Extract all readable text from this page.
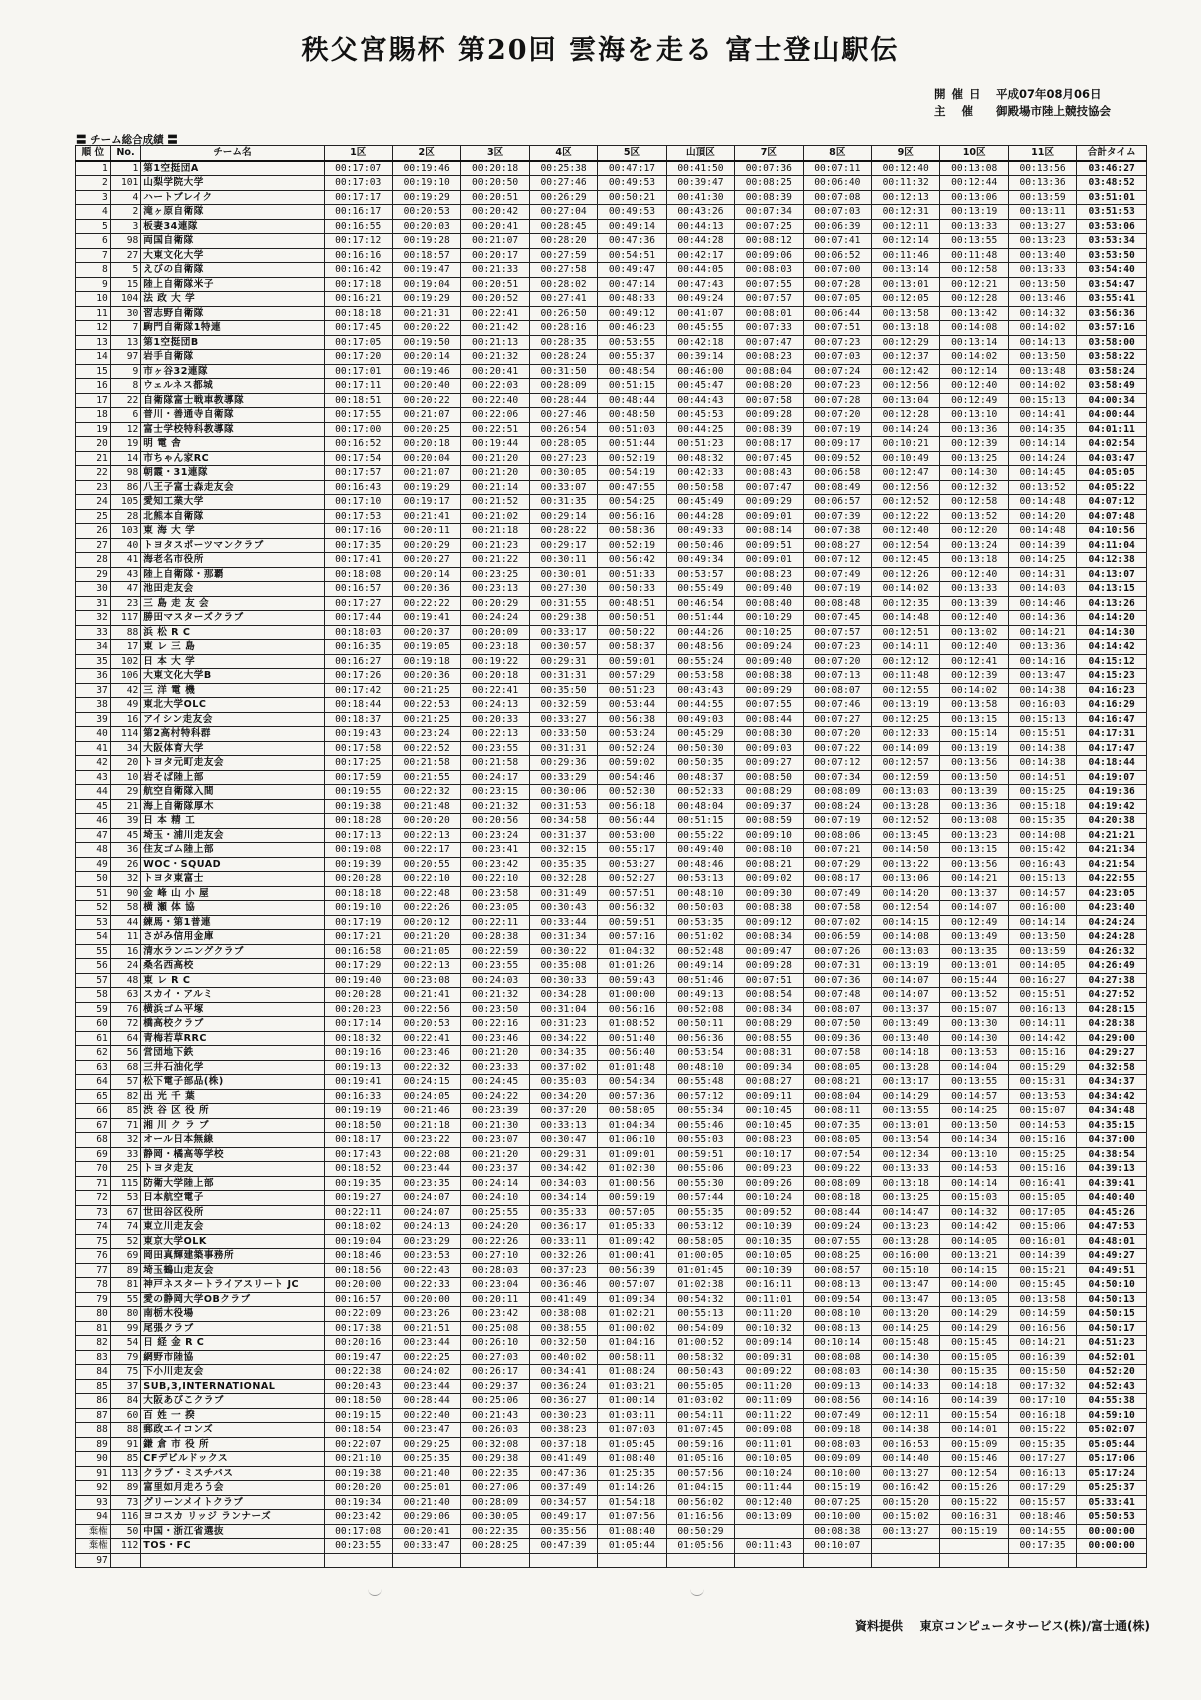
秩父宮賜杯 第20回 雲海を走る 富士登山駅伝
開催日 平成07年08月06日
主 催 御殿場市陸上競技協会
〓 チーム総合成績 〓
順 位	No.	チーム名	1区	2区	3区	4区	5区	山頂区	7区	8区	9区	10区	11区	合計タイム
1	1	第1空挺団A	00:17:07	00:19:46	00:20:18	00:25:38	00:47:17	00:41:50	00:07:36	00:07:11	00:12:40	00:13:08	00:13:56	03:46:27
2	101	山梨学院大学	00:17:03	00:19:10	00:20:50	00:27:46	00:49:53	00:39:47	00:08:25	00:06:40	00:11:32	00:12:44	00:13:36	03:48:52
3	4	ハートブレイク	00:17:17	00:19:29	00:20:51	00:26:29	00:50:21	00:41:30	00:08:39	00:07:08	00:12:13	00:13:06	00:13:59	03:51:01
4	2	滝ヶ原自衛隊	00:16:17	00:20:53	00:20:42	00:27:04	00:49:53	00:43:26	00:07:34	00:07:03	00:12:31	00:13:19	00:13:11	03:51:53
5	3	板妻34連隊	00:16:55	00:20:03	00:20:41	00:28:45	00:49:14	00:44:13	00:07:25	00:06:39	00:12:11	00:13:33	00:13:27	03:53:06
6	98	両国自衛隊	00:17:12	00:19:28	00:21:07	00:28:20	00:47:36	00:44:28	00:08:12	00:07:41	00:12:14	00:13:55	00:13:23	03:53:34
7	27	大東文化大学	00:16:16	00:18:57	00:20:17	00:27:59	00:54:51	00:42:17	00:09:06	00:06:52	00:11:46	00:11:48	00:13:40	03:53:50
8	5	えびの自衛隊	00:16:42	00:19:47	00:21:33	00:27:58	00:49:47	00:44:05	00:08:03	00:07:00	00:13:14	00:12:58	00:13:33	03:54:40
9	15	陸上自衛隊米子	00:17:18	00:19:04	00:20:51	00:28:02	00:47:14	00:47:43	00:07:55	00:07:28	00:13:01	00:12:21	00:13:50	03:54:47
10	104	法 政 大 学	00:16:21	00:19:29	00:20:52	00:27:41	00:48:33	00:49:24	00:07:57	00:07:05	00:12:05	00:12:28	00:13:46	03:55:41
11	30	習志野自衛隊	00:18:18	00:21:31	00:22:41	00:26:50	00:49:12	00:41:07	00:08:01	00:06:44	00:13:58	00:13:42	00:14:32	03:56:36
12	7	駒門自衛隊1特連	00:17:45	00:20:22	00:21:42	00:28:16	00:46:23	00:45:55	00:07:33	00:07:51	00:13:18	00:14:08	00:14:02	03:57:16
13	13	第1空挺団B	00:17:05	00:19:50	00:21:13	00:28:35	00:53:55	00:42:18	00:07:47	00:07:23	00:12:29	00:13:14	00:14:13	03:58:00
14	97	岩手自衛隊	00:17:20	00:20:14	00:21:32	00:28:24	00:55:37	00:39:14	00:08:23	00:07:03	00:12:37	00:14:02	00:13:50	03:58:22
15	9	市ヶ谷32連隊	00:17:01	00:19:46	00:20:41	00:31:50	00:48:54	00:46:00	00:08:04	00:07:24	00:12:42	00:12:14	00:13:48	03:58:24
16	8	ウェルネス都城	00:17:11	00:20:40	00:22:03	00:28:09	00:51:15	00:45:47	00:08:20	00:07:23	00:12:56	00:12:40	00:14:02	03:58:49
17	22	自衛隊富士戦車教導隊	00:18:51	00:20:22	00:22:40	00:28:44	00:48:44	00:44:43	00:07:58	00:07:28	00:13:04	00:12:49	00:15:13	04:00:34
18	6	普川・善通寺自衛隊	00:17:55	00:21:07	00:22:06	00:27:46	00:48:50	00:45:53	00:09:28	00:07:20	00:12:28	00:13:10	00:14:41	04:00:44
19	12	富士学校特科教導隊	00:17:00	00:20:25	00:22:51	00:26:54	00:51:03	00:44:25	00:08:39	00:07:19	00:14:24	00:13:36	00:14:35	04:01:11
20	19	明 電 舎	00:16:52	00:20:18	00:19:44	00:28:05	00:51:44	00:51:23	00:08:17	00:09:17	00:10:21	00:12:39	00:14:14	04:02:54
21	14	市ちゃん家RC	00:17:54	00:20:04	00:21:20	00:27:23	00:52:19	00:48:32	00:07:45	00:09:52	00:10:49	00:13:25	00:14:24	04:03:47
22	98	朝霞・31連隊	00:17:57	00:21:07	00:21:20	00:30:05	00:54:19	00:42:33	00:08:43	00:06:58	00:12:47	00:14:30	00:14:45	04:05:05
23	86	八王子富士森走友会	00:16:43	00:19:29	00:21:14	00:33:07	00:47:55	00:50:58	00:07:47	00:08:49	00:12:56	00:12:32	00:13:52	04:05:22
24	105	愛知工業大学	00:17:10	00:19:17	00:21:52	00:31:35	00:54:25	00:45:49	00:09:29	00:06:57	00:12:52	00:12:58	00:14:48	04:07:12
25	28	北熊本自衛隊	00:17:53	00:21:41	00:21:02	00:29:14	00:56:16	00:44:28	00:09:01	00:07:39	00:12:22	00:13:52	00:14:20	04:07:48
26	103	東 海 大 学	00:17:16	00:20:11	00:21:18	00:28:22	00:58:36	00:49:33	00:08:14	00:07:38	00:12:40	00:12:20	00:14:48	04:10:56
27	40	トヨタスポーツマンクラブ	00:17:35	00:20:29	00:21:23	00:29:17	00:52:19	00:50:46	00:09:51	00:08:27	00:12:54	00:13:24	00:14:39	04:11:04
28	41	海老名市役所	00:17:41	00:20:27	00:21:22	00:30:11	00:56:42	00:49:34	00:09:01	00:07:12	00:12:45	00:13:18	00:14:25	04:12:38
29	43	陸上自衛隊・那覇	00:18:08	00:20:14	00:23:25	00:30:01	00:51:33	00:53:57	00:08:23	00:07:49	00:12:26	00:12:40	00:14:31	04:13:07
30	47	池田走友会	00:16:57	00:20:36	00:23:13	00:27:30	00:50:33	00:55:49	00:09:40	00:07:19	00:14:02	00:13:33	00:14:03	04:13:15
31	23	三 島 走 友 会	00:17:27	00:22:22	00:20:29	00:31:55	00:48:51	00:46:54	00:08:40	00:08:48	00:12:35	00:13:39	00:14:46	04:13:26
32	117	勝田マスターズクラブ	00:17:44	00:19:41	00:24:24	00:29:38	00:50:51	00:51:44	00:10:29	00:07:45	00:14:48	00:12:40	00:14:36	04:14:20
33	88	浜 松 R C	00:18:03	00:20:37	00:20:09	00:33:17	00:50:22	00:44:26	00:10:25	00:07:57	00:12:51	00:13:02	00:14:21	04:14:30
34	17	東 レ 三 島	00:16:35	00:19:05	00:23:18	00:30:57	00:58:37	00:48:56	00:09:24	00:07:23	00:14:11	00:12:40	00:13:36	04:14:42
35	102	日 本 大 学	00:16:27	00:19:18	00:19:22	00:29:31	00:59:01	00:55:24	00:09:40	00:07:20	00:12:12	00:12:41	00:14:16	04:15:12
36	106	大東文化大学B	00:17:26	00:20:36	00:20:18	00:31:31	00:57:29	00:53:58	00:08:38	00:07:13	00:11:48	00:12:39	00:13:47	04:15:23
37	42	三 洋 電 機	00:17:42	00:21:25	00:22:41	00:35:50	00:51:23	00:43:43	00:09:29	00:08:07	00:12:55	00:14:02	00:14:38	04:16:23
38	49	東北大学OLC	00:18:44	00:22:53	00:24:13	00:32:59	00:53:44	00:44:55	00:07:55	00:07:46	00:13:19	00:13:58	00:16:03	04:16:29
39	16	アイシン走友会	00:18:37	00:21:25	00:20:33	00:33:27	00:56:38	00:49:03	00:08:44	00:07:27	00:12:25	00:13:15	00:15:13	04:16:47
40	114	第2高村特科群	00:19:43	00:23:24	00:22:13	00:33:50	00:53:24	00:45:29	00:08:30	00:07:20	00:12:33	00:15:14	00:15:51	04:17:31
41	34	大阪体育大学	00:17:58	00:22:52	00:23:55	00:31:31	00:52:24	00:50:30	00:09:03	00:07:22	00:14:09	00:13:19	00:14:38	04:17:47
42	20	トヨタ元町走友会	00:17:25	00:21:58	00:21:58	00:29:36	00:59:02	00:50:35	00:09:27	00:07:12	00:12:57	00:13:56	00:14:38	04:18:44
43	10	岩そば陸上部	00:17:59	00:21:55	00:24:17	00:33:29	00:54:46	00:48:37	00:08:50	00:07:34	00:12:59	00:13:50	00:14:51	04:19:07
44	29	航空自衛隊入間	00:19:55	00:22:32	00:23:15	00:30:06	00:52:30	00:52:33	00:08:29	00:08:09	00:13:03	00:13:39	00:15:25	04:19:36
45	21	海上自衛隊厚木	00:19:38	00:21:48	00:21:32	00:31:53	00:56:18	00:48:04	00:09:37	00:08:24	00:13:28	00:13:36	00:15:18	04:19:42
46	39	日 本 精 工	00:18:28	00:20:20	00:20:56	00:34:58	00:56:44	00:51:15	00:08:59	00:07:19	00:12:52	00:13:08	00:15:35	04:20:38
47	45	埼玉・浦川走友会	00:17:13	00:22:13	00:23:24	00:31:37	00:53:00	00:55:22	00:09:10	00:08:06	00:13:45	00:13:23	00:14:08	04:21:21
48	36	住友ゴム陸上部	00:19:08	00:22:17	00:23:41	00:32:15	00:55:17	00:49:40	00:08:10	00:07:21	00:14:50	00:13:15	00:15:42	04:21:34
49	26	WOC・SQUAD	00:19:39	00:20:55	00:23:42	00:35:35	00:53:27	00:48:46	00:08:21	00:07:29	00:13:22	00:13:56	00:16:43	04:21:54
50	32	トヨタ東富士	00:20:28	00:22:10	00:22:10	00:32:28	00:52:27	00:53:13	00:09:02	00:08:17	00:13:06	00:14:21	00:15:13	04:22:55
51	90	金 峰 山 小 屋	00:18:18	00:22:48	00:23:58	00:31:49	00:57:51	00:48:10	00:09:30	00:07:49	00:14:20	00:13:37	00:14:57	04:23:05
52	58	横 瀬 体 協	00:19:10	00:22:26	00:23:05	00:30:43	00:56:32	00:50:03	00:08:38	00:07:58	00:12:54	00:14:07	00:16:00	04:23:40
53	44	練馬・第1普連	00:17:19	00:20:12	00:22:11	00:33:44	00:59:51	00:53:35	00:09:12	00:07:02	00:14:15	00:12:49	00:14:14	04:24:24
54	11	さがみ信用金庫	00:17:21	00:21:20	00:28:38	00:31:34	00:57:16	00:51:02	00:08:34	00:06:59	00:14:08	00:13:49	00:13:50	04:24:28
55	16	清水ランニングクラブ	00:16:58	00:21:05	00:22:59	00:30:22	01:04:32	00:52:48	00:09:47	00:07:26	00:13:03	00:13:35	00:13:59	04:26:32
56	24	桑名西高校	00:17:29	00:22:13	00:23:55	00:35:08	01:01:26	00:49:14	00:09:28	00:07:31	00:13:19	00:13:01	00:14:05	04:26:49
57	48	東 レ R C	00:19:40	00:23:08	00:24:03	00:30:33	00:59:43	00:51:46	00:07:51	00:07:36	00:14:07	00:15:44	00:16:27	04:27:38
58	63	スカイ・アルミ	00:20:28	00:21:41	00:21:32	00:34:28	01:00:00	00:49:13	00:08:54	00:07:48	00:14:07	00:13:52	00:15:51	04:27:52
59	76	横浜ゴム平塚	00:20:23	00:22:56	00:23:50	00:31:04	00:56:16	00:52:08	00:08:34	00:08:07	00:13:37	00:15:07	00:16:13	04:28:15
60	72	橋高校クラブ	00:17:14	00:20:53	00:22:16	00:31:23	01:08:52	00:50:11	00:08:29	00:07:50	00:13:49	00:13:30	00:14:11	04:28:38
61	64	青梅若草RRC	00:18:32	00:22:41	00:23:46	00:34:22	00:51:40	00:56:36	00:08:55	00:09:36	00:13:40	00:14:30	00:14:42	04:29:00
62	56	営団地下鉄	00:19:16	00:23:46	00:21:20	00:34:35	00:56:40	00:53:54	00:08:31	00:07:58	00:14:18	00:13:53	00:15:16	04:29:27
63	68	三井石油化学	00:19:13	00:22:32	00:23:33	00:37:02	01:01:48	00:48:10	00:09:34	00:08:05	00:13:28	00:14:04	00:15:29	04:32:58
64	57	松下電子部品(株)	00:19:41	00:24:15	00:24:45	00:35:03	00:54:34	00:55:48	00:08:27	00:08:21	00:13:17	00:13:55	00:15:31	04:34:37
65	82	出 光 千 葉	00:16:33	00:24:05	00:24:22	00:34:20	00:57:36	00:57:12	00:09:11	00:08:04	00:14:29	00:14:57	00:13:53	04:34:42
66	85	渋 谷 区 役 所	00:19:19	00:21:46	00:23:39	00:37:20	00:58:05	00:55:34	00:10:45	00:08:11	00:13:55	00:14:25	00:15:07	04:34:48
67	71	湘 川 ク ラ ブ	00:18:50	00:21:18	00:21:30	00:33:13	01:04:34	00:55:46	00:10:45	00:07:35	00:13:01	00:13:50	00:14:53	04:35:15
68	32	オール日本無線	00:18:17	00:23:22	00:23:07	00:30:47	01:06:10	00:55:03	00:08:23	00:08:05	00:13:54	00:14:34	00:15:16	04:37:00
69	33	静岡・橘高等学校	00:17:43	00:22:08	00:21:20	00:29:31	01:09:01	00:59:51	00:10:17	00:07:54	00:12:34	00:13:10	00:15:25	04:38:54
70	25	トヨタ走友	00:18:52	00:23:44	00:23:37	00:34:42	01:02:30	00:55:06	00:09:23	00:09:22	00:13:33	00:14:53	00:15:16	04:39:13
71	115	防衛大学陸上部	00:19:35	00:23:35	00:24:14	00:34:03	01:00:56	00:55:30	00:09:26	00:08:09	00:13:18	00:14:14	00:16:41	04:39:41
72	53	日本航空電子	00:19:27	00:24:07	00:24:10	00:34:14	00:59:19	00:57:44	00:10:24	00:08:18	00:13:25	00:15:03	00:15:05	04:40:40
73	67	世田谷区役所	00:22:11	00:24:07	00:25:55	00:35:33	00:57:05	00:55:35	00:09:52	00:08:44	00:14:47	00:14:32	00:17:05	04:45:26
74	74	東立川走友会	00:18:02	00:24:13	00:24:20	00:36:17	01:05:33	00:53:12	00:10:39	00:09:24	00:13:23	00:14:42	00:15:06	04:47:53
75	52	東京大学OLK	00:19:04	00:23:29	00:22:26	00:33:11	01:09:42	00:58:05	00:10:35	00:07:55	00:13:28	00:14:05	00:16:01	04:48:01
76	69	岡田真輝建築事務所	00:18:46	00:23:53	00:27:10	00:32:26	01:00:41	01:00:05	00:10:05	00:08:25	00:16:00	00:13:21	00:14:39	04:49:27
77	89	埼玉鶴山走友会	00:18:56	00:22:43	00:28:03	00:37:23	00:56:39	01:01:45	00:10:39	00:08:57	00:15:10	00:14:15	00:15:21	04:49:51
78	81	神戸ネスタートライアスリート JC	00:20:00	00:22:33	00:23:04	00:36:46	00:57:07	01:02:38	00:16:11	00:08:13	00:13:47	00:14:00	00:15:45	04:50:10
79	55	愛の静岡大学OBクラブ	00:16:57	00:20:00	00:20:11	00:41:49	01:09:34	00:54:32	00:11:01	00:09:54	00:13:47	00:13:05	00:13:58	04:50:13
80	80	南栃木役場	00:22:09	00:23:26	00:23:42	00:38:08	01:02:21	00:55:13	00:11:20	00:08:10	00:13:20	00:14:29	00:14:59	04:50:15
81	99	尾張クラブ	00:17:38	00:21:51	00:25:08	00:38:55	01:00:02	00:54:09	00:10:32	00:08:13	00:14:25	00:14:29	00:16:56	04:50:17
82	54	日 経 金 R C	00:20:16	00:23:44	00:26:10	00:32:50	01:04:16	01:00:52	00:09:14	00:10:14	00:15:48	00:15:45	00:14:21	04:51:23
83	79	網野市陸協	00:19:47	00:22:25	00:27:03	00:40:02	00:58:11	00:58:32	00:09:31	00:08:08	00:14:30	00:15:05	00:16:39	04:52:01
84	75	下小川走友会	00:22:38	00:24:02	00:26:17	00:34:41	01:08:24	00:50:43	00:09:22	00:08:03	00:14:30	00:15:35	00:15:50	04:52:20
85	37	SUB,3,INTERNATIONAL	00:20:43	00:23:44	00:29:37	00:36:24	01:03:21	00:55:05	00:11:20	00:09:13	00:14:33	00:14:18	00:17:32	04:52:43
86	84	大阪あびこクラブ	00:18:50	00:28:44	00:25:06	00:36:27	01:00:14	01:03:02	00:11:09	00:08:56	00:14:16	00:14:39	00:17:10	04:55:38
87	60	百 姓 一 揆	00:19:15	00:22:40	00:21:43	00:30:23	01:03:11	00:54:11	00:11:22	00:07:49	00:12:11	00:15:54	00:16:18	04:59:10
88	88	郵政エイコンズ	00:18:54	00:23:47	00:26:03	00:38:23	01:07:03	01:07:45	00:09:08	00:09:18	00:14:38	00:14:01	00:15:22	05:02:07
89	91	鎌 倉 市 役 所	00:22:07	00:29:25	00:32:08	00:37:18	01:05:45	00:59:16	00:11:01	00:08:03	00:16:53	00:15:09	00:15:35	05:05:44
90	85	CFデビルドックス	00:21:10	00:25:35	00:29:38	00:41:49	01:08:40	01:05:16	00:10:05	00:09:09	00:14:40	00:15:46	00:17:27	05:17:06
91	113	クラブ・ミスチバス	00:19:38	00:21:40	00:22:35	00:47:36	01:25:35	00:57:56	00:10:24	00:10:00	00:13:27	00:12:54	00:16:13	05:17:24
92	89	富里如月走ろう会	00:20:20	00:25:01	00:27:06	00:37:49	01:14:26	01:04:15	00:11:44	00:15:19	00:16:42	00:15:26	00:17:29	05:25:37
93	73	グリーンメイトクラブ	00:19:34	00:21:40	00:28:09	00:34:57	01:54:18	00:56:02	00:12:40	00:07:25	00:15:20	00:15:22	00:15:57	05:33:41
94	116	ヨコスカ リッジ ランナーズ	00:23:42	00:29:06	00:30:05	00:49:17	01:07:56	01:16:56	00:13:09	00:10:00	00:15:02	00:16:31	00:18:46	05:50:53
棄権	50	中国・浙江省選抜	00:17:08	00:20:41	00:22:35	00:35:56	01:08:40	00:50:29		00:08:38	00:13:27	00:15:19	00:14:55	00:00:00
棄権	112	TOS・FC	00:23:55	00:33:47	00:28:25	00:47:39	01:05:44	01:05:56	00:11:43	00:10:07			00:17:35	00:00:00
97														
資料提供 東京コンピュータサービス(株)/富士通(株)
